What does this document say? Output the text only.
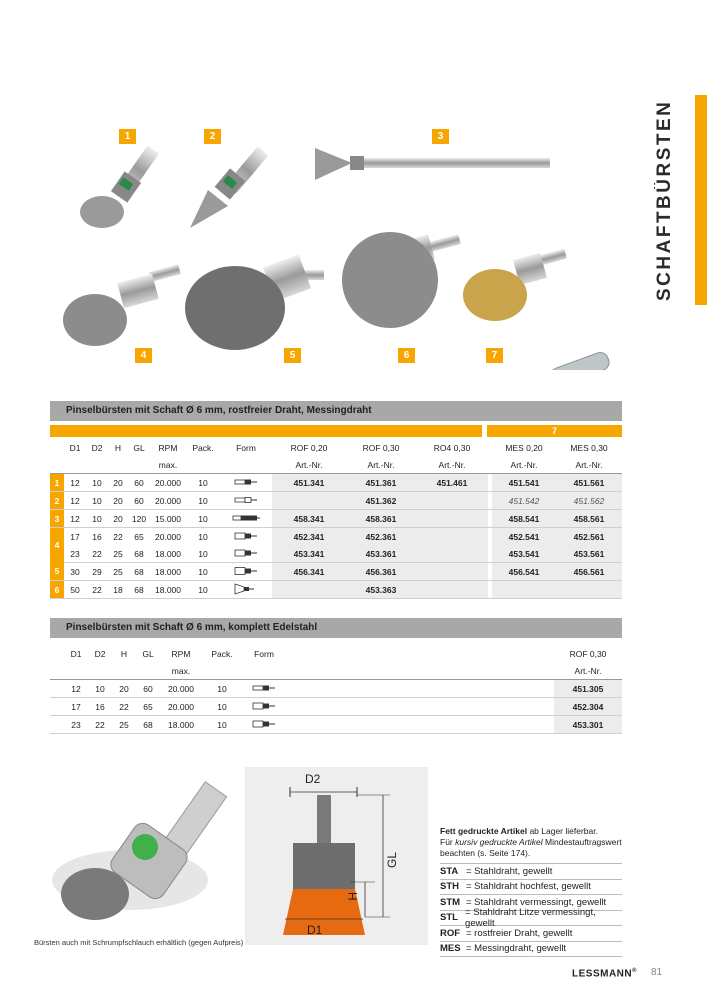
SCHAFTBÜRSTEN
1	2	3
4	5	6	7
Pinselbürsten mit Schaft Ø 6 mm, rostfreier Draht, Messingdraht
7
	D1	D2	H	GL	RPM	Pack.	Form	ROF 0,20	ROF 0,30	RO4 0,30		MES 0,20	MES 0,30
					max.			Art.-Nr.	Art.-Nr.	Art.-Nr.		Art.-Nr.	Art.-Nr.
1	12	10	20	60	20.000	10		451.341	451.361	451.461		451.541	451.561
2	12	10	20	60	20.000	10			451.362			451.542	451.562
3	12	10	20	120	15.000	10		458.341	458.361			458.541	458.561
4	17	16	22	65	20.000	10		452.341	452.361			452.541	452.561
	23	22	25	68	18.000	10		453.341	453.361			453.541	453.561
5	30	29	25	68	18.000	10		456.341	456.361			456.541	456.561
6	50	22	18	68	18.000	10			453.363				
Pinselbürsten mit Schaft Ø 6 mm, komplett Edelstahl
	D1	D2	H	GL	RPM	Pack.	Form		ROF 0,30
					max.				Art.-Nr.
	12	10	20	60	20.000	10			451.305
	17	16	22	65	20.000	10			452.304
	23	22	25	68	18.000	10			453.301
D2
D1
GL
H
Bürsten auch mit Schrumpfschlauch erhältlich (gegen Aufpreis)
Fett gedruckte Artikel ab Lager lieferbar.
Für kursiv gedruckte Artikel Mindestauftragswert beachten (s. Seite 174).
STA = Stahldraht, gewellt
STH = Stahldraht hochfest, gewellt
STM = Stahldraht vermessingt, gewellt
STL = Stahldraht Litze vermessingt, gewellt
ROF = rostfreier Draht, gewellt
MES = Messingdraht, gewellt
LESSMANN® 81
